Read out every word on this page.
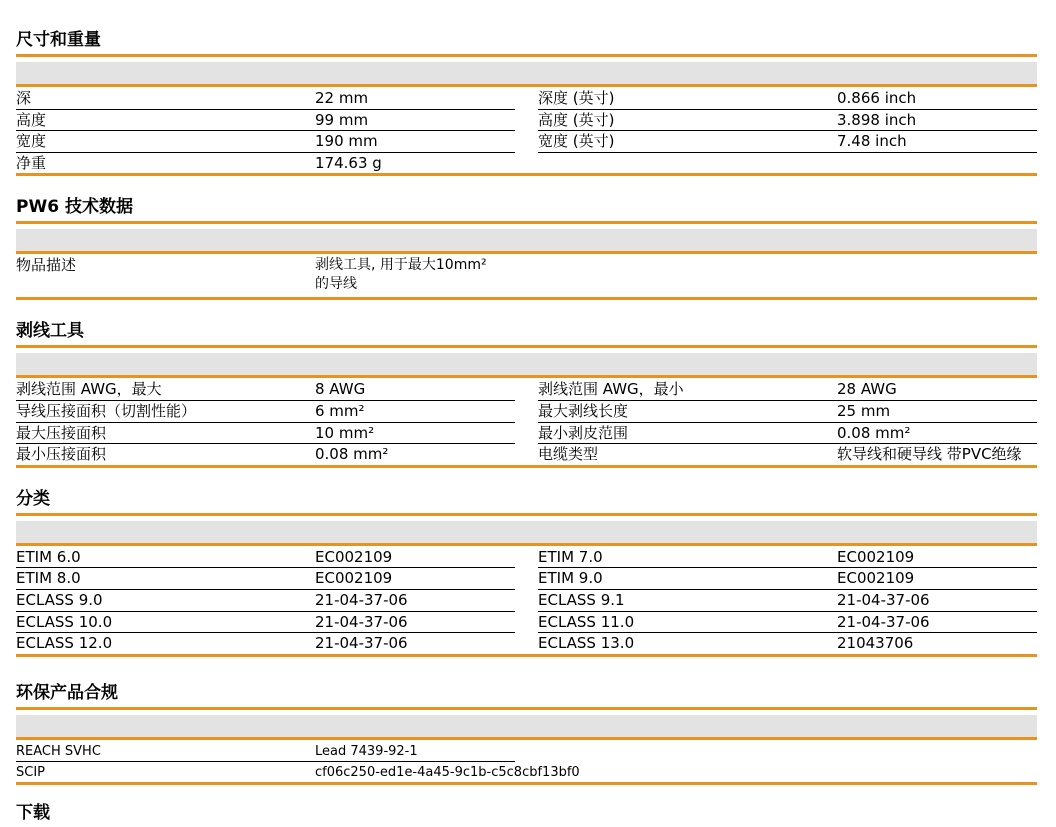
尺寸和重量
深	22 mm	深度 (英寸)	0.866 inch
高度	99 mm	高度 (英寸)	3.898 inch
宽度	190 mm	宽度 (英寸)	7.48 inch
净重	174.63 g
PW6 技术数据
物品描述	剥线工具, 用于最大10mm²
的导线
剥线工具
剥线范围 AWG，最大	8 AWG	剥线范围 AWG，最小	28 AWG
导线压接面积（切割性能）	6 mm²	最大剥线长度	25 mm
最大压接面积	10 mm²	最小剥皮范围	0.08 mm²
最小压接面积	0.08 mm²	电缆类型	软导线和硬导线 带PVC绝缘
分类
ETIM 6.0	EC002109	ETIM 7.0	EC002109
ETIM 8.0	EC002109	ETIM 9.0	EC002109
ECLASS 9.0	21-04-37-06	ECLASS 9.1	21-04-37-06
ECLASS 10.0	21-04-37-06	ECLASS 11.0	21-04-37-06
ECLASS 12.0	21-04-37-06	ECLASS 13.0	21043706
环保产品合规
REACH SVHC	Lead 7439-92-1
SCIP	cf06c250-ed1e-4a45-9c1b-c5c8cbf13bf0
下载
